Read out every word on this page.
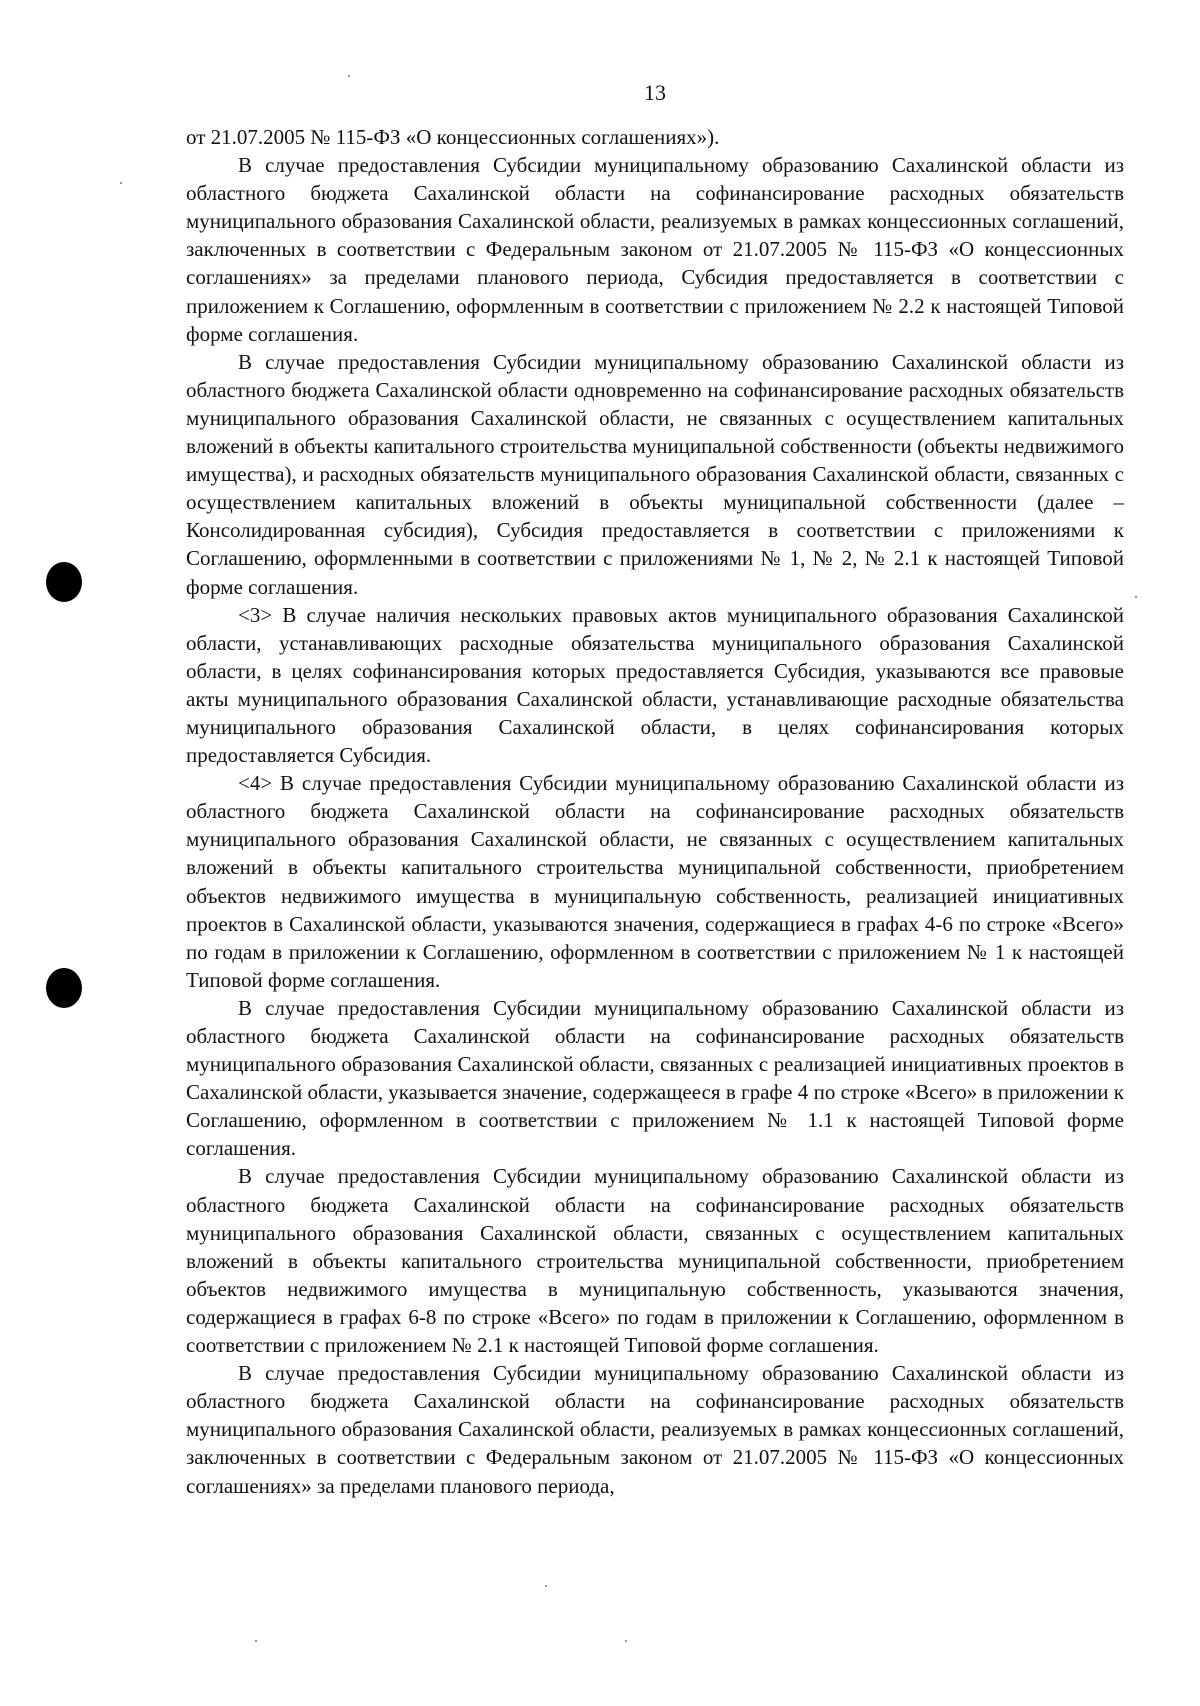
13

от 21.07.2005 № 115-ФЗ «О концессионных соглашениях»).

В случае предоставления Субсидии муниципальному образованию Сахалинской области из областного бюджета Сахалинской области на софинансирование расходных обязательств муниципального образования Сахалинской области, реализуемых в рамках концессионных соглашений, заключенных в соответствии с Федеральным законом от 21.07.2005 № 115-ФЗ «О концессионных соглашениях» за пределами планового периода, Субсидия предоставляется в соответствии с приложением к Соглашению, оформленным в соответствии с приложением № 2.2 к настоящей Типовой форме соглашения.

В случае предоставления Субсидии муниципальному образованию Сахалинской области из областного бюджета Сахалинской области одновременно на софинансирование расходных обязательств муниципального образования Сахалинской области, не связанных с осуществлением капитальных вложений в объекты капитального строительства муниципальной собственности (объекты недвижимого имущества), и расходных обязательств муниципального образования Сахалинской области, связанных с осуществлением капитальных вложений в объекты муниципальной собственности (далее – Консолидированная субсидия), Субсидия предоставляется в соответствии с приложениями к Соглашению, оформленными в соответствии с приложениями № 1, № 2, № 2.1 к настоящей Типовой форме соглашения.

<3> В случае наличия нескольких правовых актов муниципального образования Сахалинской области, устанавливающих расходные обязательства муниципального образования Сахалинской области, в целях софинансирования которых предоставляется Субсидия, указываются все правовые акты муниципального образования Сахалинской области, устанавливающие расходные обязательства муниципального образования Сахалинской области, в целях софинансирования которых предоставляется Субсидия.

<4> В случае предоставления Субсидии муниципальному образованию Сахалинской области из областного бюджета Сахалинской области на софинансирование расходных обязательств муниципального образования Сахалинской области, не связанных с осуществлением капитальных вложений в объекты капитального строительства муниципальной собственности, приобретением объектов недвижимого имущества в муниципальную собственность, реализацией инициативных проектов в Сахалинской области, указываются значения, содержащиеся в графах 4-6 по строке «Всего» по годам в приложении к Соглашению, оформленном в соответствии с приложением № 1 к настоящей Типовой форме соглашения.

В случае предоставления Субсидии муниципальному образованию Сахалинской области из областного бюджета Сахалинской области на софинансирование расходных обязательств муниципального образования Сахалинской области, связанных с реализацией инициативных проектов в Сахалинской области, указывается значение, содержащееся в графе 4 по строке «Всего» в приложении к Соглашению, оформленном в соответствии с приложением № 1.1 к настоящей Типовой форме соглашения.

В случае предоставления Субсидии муниципальному образованию Сахалинской области из областного бюджета Сахалинской области на софинансирование расходных обязательств муниципального образования Сахалинской области, связанных с осуществлением капитальных вложений в объекты капитального строительства муниципальной собственности, приобретением объектов недвижимого имущества в муниципальную собственность, указываются значения, содержащиеся в графах 6-8 по строке «Всего» по годам в приложении к Соглашению, оформленном в соответствии с приложением № 2.1 к настоящей Типовой форме соглашения.

В случае предоставления Субсидии муниципальному образованию Сахалинской области из областного бюджета Сахалинской области на софинансирование расходных обязательств муниципального образования Сахалинской области, реализуемых в рамках концессионных соглашений, заключенных в соответствии с Федеральным законом от 21.07.2005 № 115-ФЗ «О концессионных соглашениях» за пределами планового периода,
